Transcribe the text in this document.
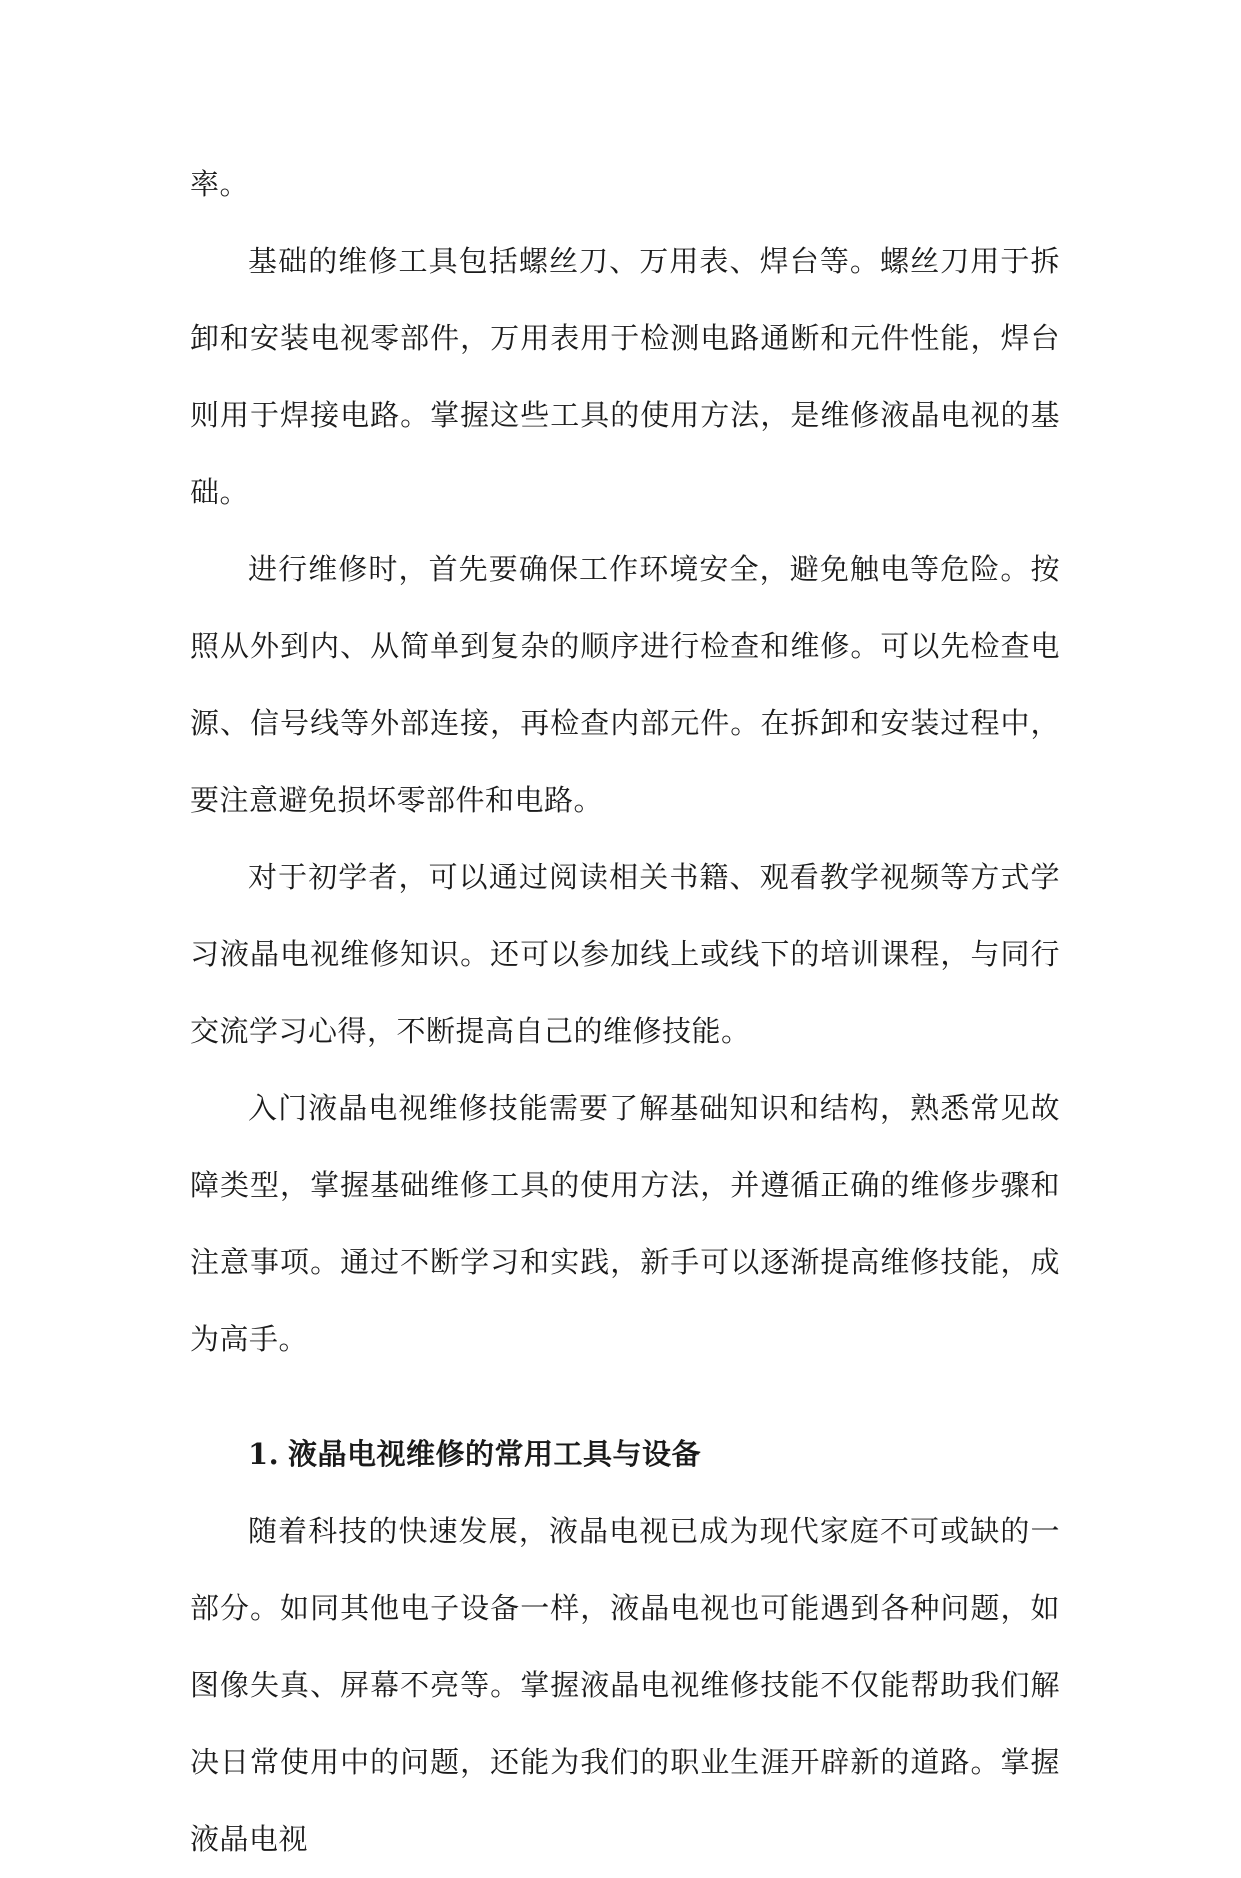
率。

基础的维修工具包括螺丝刀、万用表、焊台等。螺丝刀用于拆卸和安装电视零部件，万用表用于检测电路通断和元件性能，焊台则用于焊接电路。掌握这些工具的使用方法，是维修液晶电视的基础。

进行维修时，首先要确保工作环境安全，避免触电等危险。按照从外到内、从简单到复杂的顺序进行检查和维修。可以先检查电源、信号线等外部连接，再检查内部元件。在拆卸和安装过程中，要注意避免损坏零部件和电路。

对于初学者，可以通过阅读相关书籍、观看教学视频等方式学习液晶电视维修知识。还可以参加线上或线下的培训课程，与同行交流学习心得，不断提高自己的维修技能。

入门液晶电视维修技能需要了解基础知识和结构，熟悉常见故障类型，掌握基础维修工具的使用方法，并遵循正确的维修步骤和注意事项。通过不断学习和实践，新手可以逐渐提高维修技能，成为高手。

1. 液晶电视维修的常用工具与设备

随着科技的快速发展，液晶电视已成为现代家庭不可或缺的一部分。如同其他电子设备一样，液晶电视也可能遇到各种问题，如图像失真、屏幕不亮等。掌握液晶电视维修技能不仅能帮助我们解决日常使用中的问题，还能为我们的职业生涯开辟新的道路。掌握液晶电视
